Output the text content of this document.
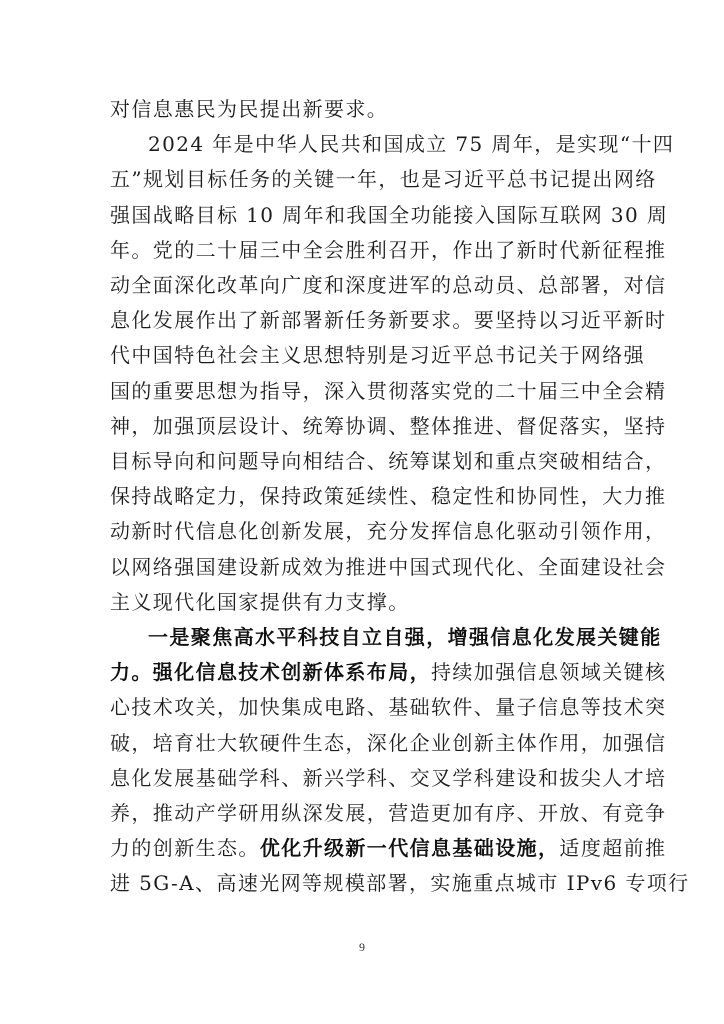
对信息惠民为民提出新要求。
2024 年是中华人民共和国成立 75 周年，是实现“十四
五”规划目标任务的关键一年，也是习近平总书记提出网络
强国战略目标 10 周年和我国全功能接入国际互联网 30 周
年。党的二十届三中全会胜利召开，作出了新时代新征程推
动全面深化改革向广度和深度进军的总动员、总部署，对信
息化发展作出了新部署新任务新要求。要坚持以习近平新时
代中国特色社会主义思想特别是习近平总书记关于网络强
国的重要思想为指导，深入贯彻落实党的二十届三中全会精
神，加强顶层设计、统筹协调、整体推进、督促落实，坚持
目标导向和问题导向相结合、统筹谋划和重点突破相结合，
保持战略定力，保持政策延续性、稳定性和协同性，大力推
动新时代信息化创新发展，充分发挥信息化驱动引领作用，
以网络强国建设新成效为推进中国式现代化、全面建设社会
主义现代化国家提供有力支撑。
一是聚焦高水平科技自立自强，增强信息化发展关键能
力。强化信息技术创新体系布局，持续加强信息领域关键核
心技术攻关，加快集成电路、基础软件、量子信息等技术突
破，培育壮大软硬件生态，深化企业创新主体作用，加强信
息化发展基础学科、新兴学科、交叉学科建设和拔尖人才培
养，推动产学研用纵深发展，营造更加有序、开放、有竞争
力的创新生态。优化升级新一代信息基础设施，适度超前推
进 5G-A、高速光网等规模部署，实施重点城市 IPv6 专项行
9
